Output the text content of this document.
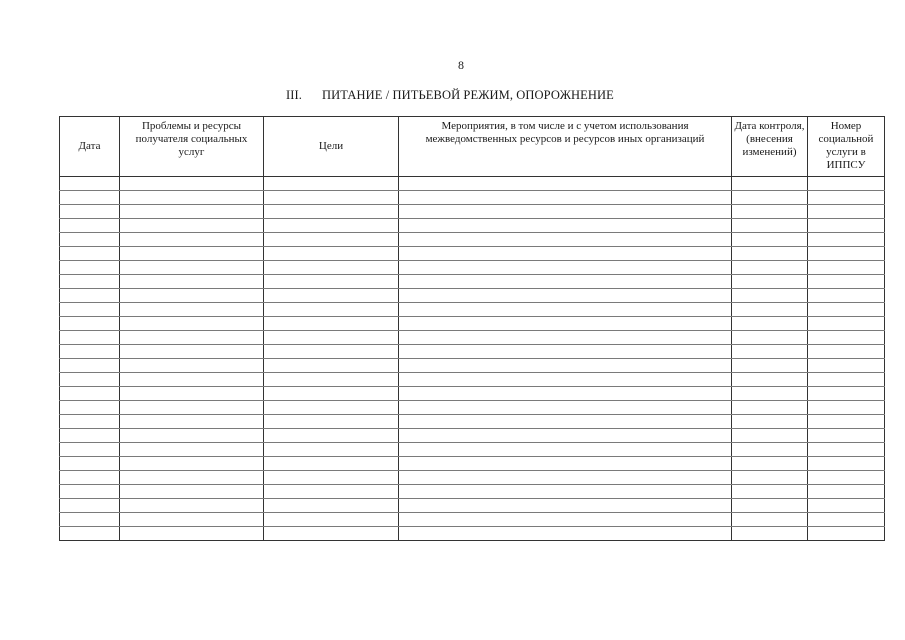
8
III. ПИТАНИЕ / ПИТЬЕВОЙ РЕЖИМ, ОПОРОЖНЕНИЕ
Дата	Проблемы и ресурсы получателя социальных услуг	Цели	Мероприятия, в том числе и с учетом использования межведомственных ресурсов и ресурсов иных организаций	Дата контроля, (внесения изменений)	Номер социальной услуги в ИППСУ
